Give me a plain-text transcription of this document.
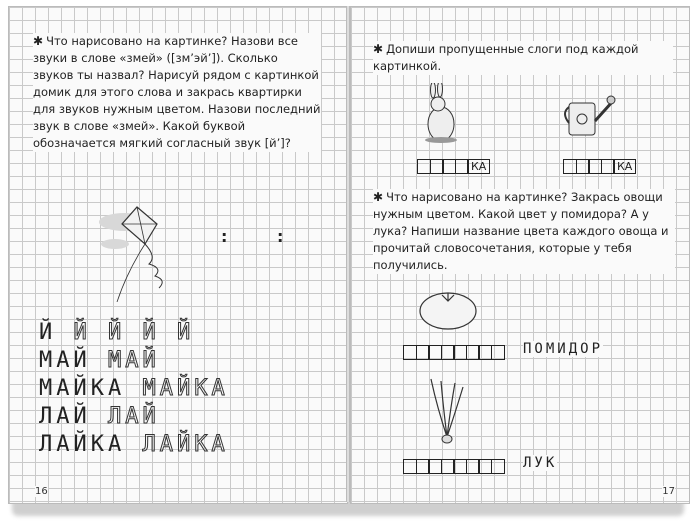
✱ Что нарисовано на картинке? Назови все звуки в слове «змей» ([зм’эй’]). Сколько звуков ты назвал? Нарисуй рядом с картинкой домик для этого слова и закрась квартирки для звуков нужным цветом. Назови последний звук в слове «змей». Какой буквой обозначается мягкий согласный звук [й’]?
:	:
Й Й Й Й Й
МАЙ МАЙ
МАЙКА МАЙКА
ЛАЙ ЛАЙ
ЛАЙКА ЛАЙКА
16
✱ Допиши пропущенные слоги под каждой картинкой.
КА	КА
✱ Что нарисовано на картинке? Закрась овощи нужным цветом. Какой цвет у помидора? А у лука? Напиши название цвета каждого овоща и прочитай словосочетания, которые у тебя получились.
ПОМИДОР
ЛУК
17
